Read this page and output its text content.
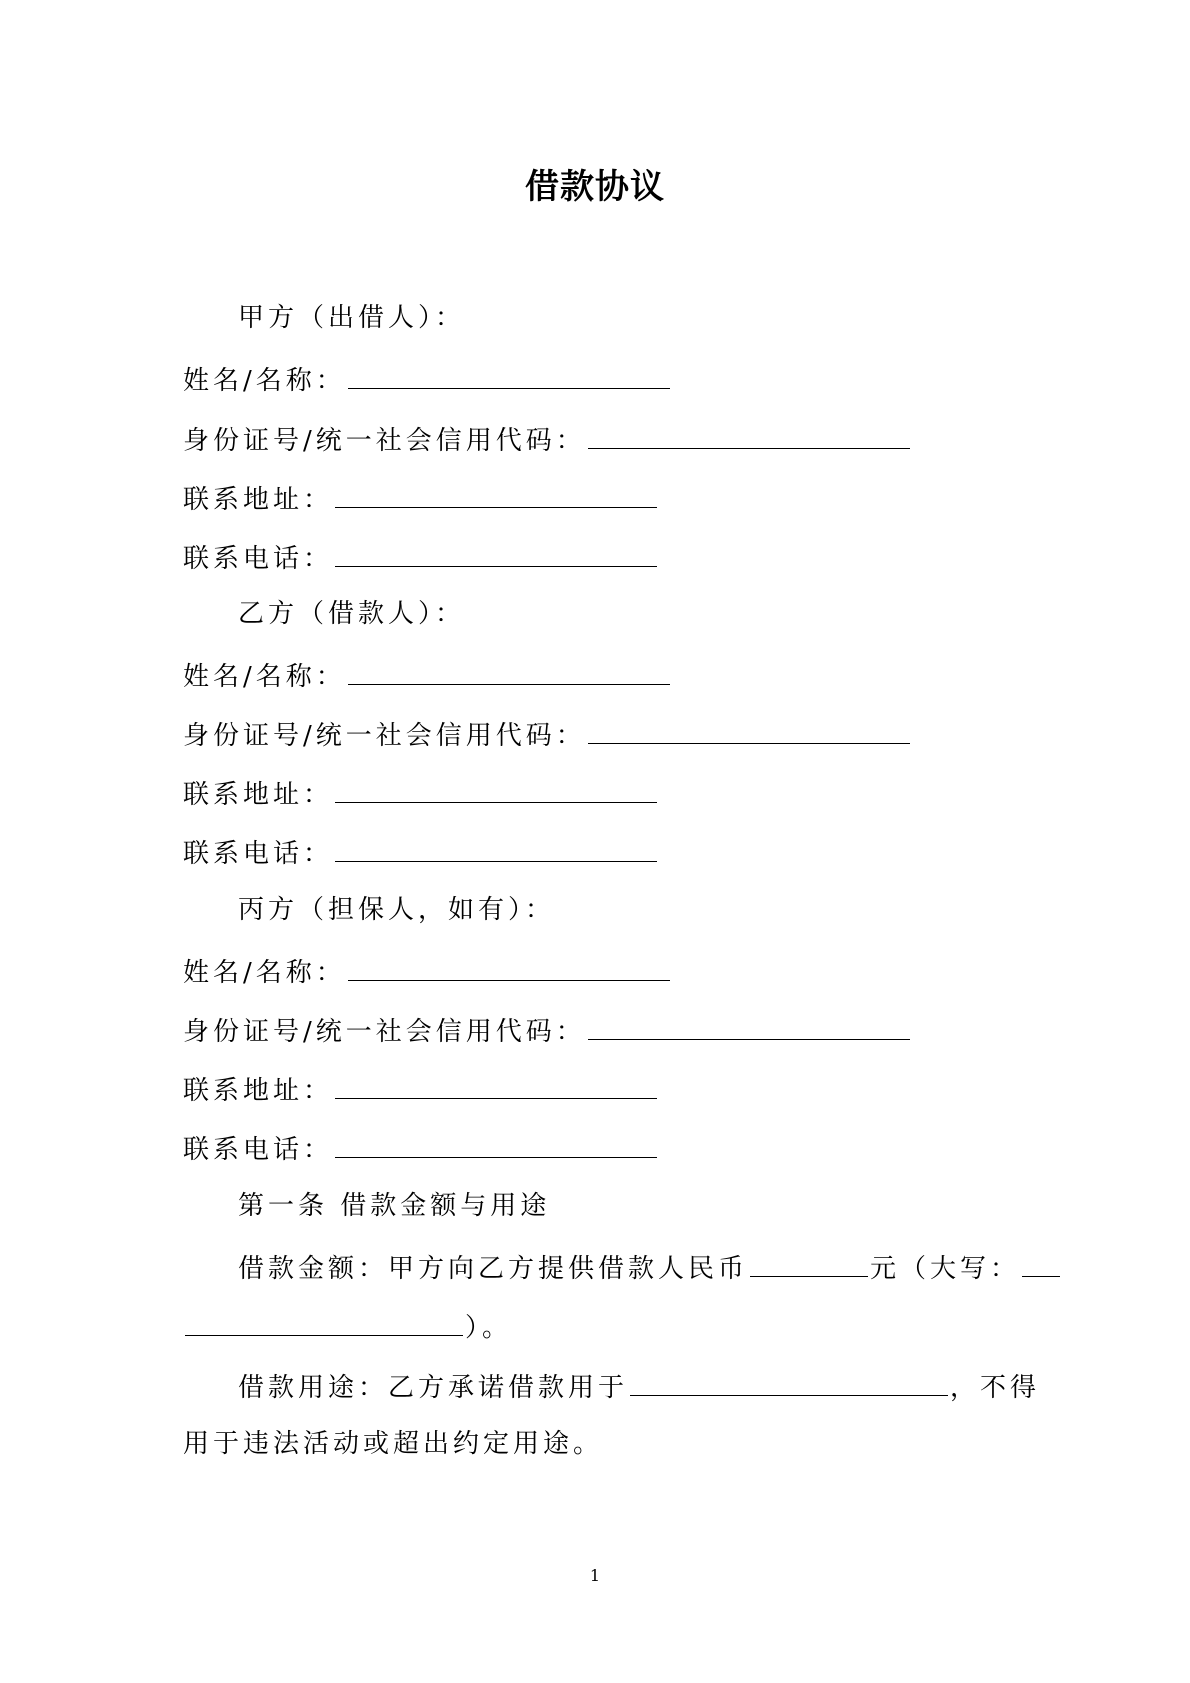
借款协议
甲方（出借人）：
姓名/名称：
身份证号/统一社会信用代码：
联系地址：
联系电话：
乙方（借款人）：
姓名/名称：
身份证号/统一社会信用代码：
联系地址：
联系电话：
丙方（担保人，如有）：
姓名/名称：
身份证号/统一社会信用代码：
联系地址：
联系电话：
第一条 借款金额与用途
借款金额：甲方向乙方提供借款人民币	元（大写：
）。
借款用途：乙方承诺借款用于	，不得
用于违法活动或超出约定用途。
1
